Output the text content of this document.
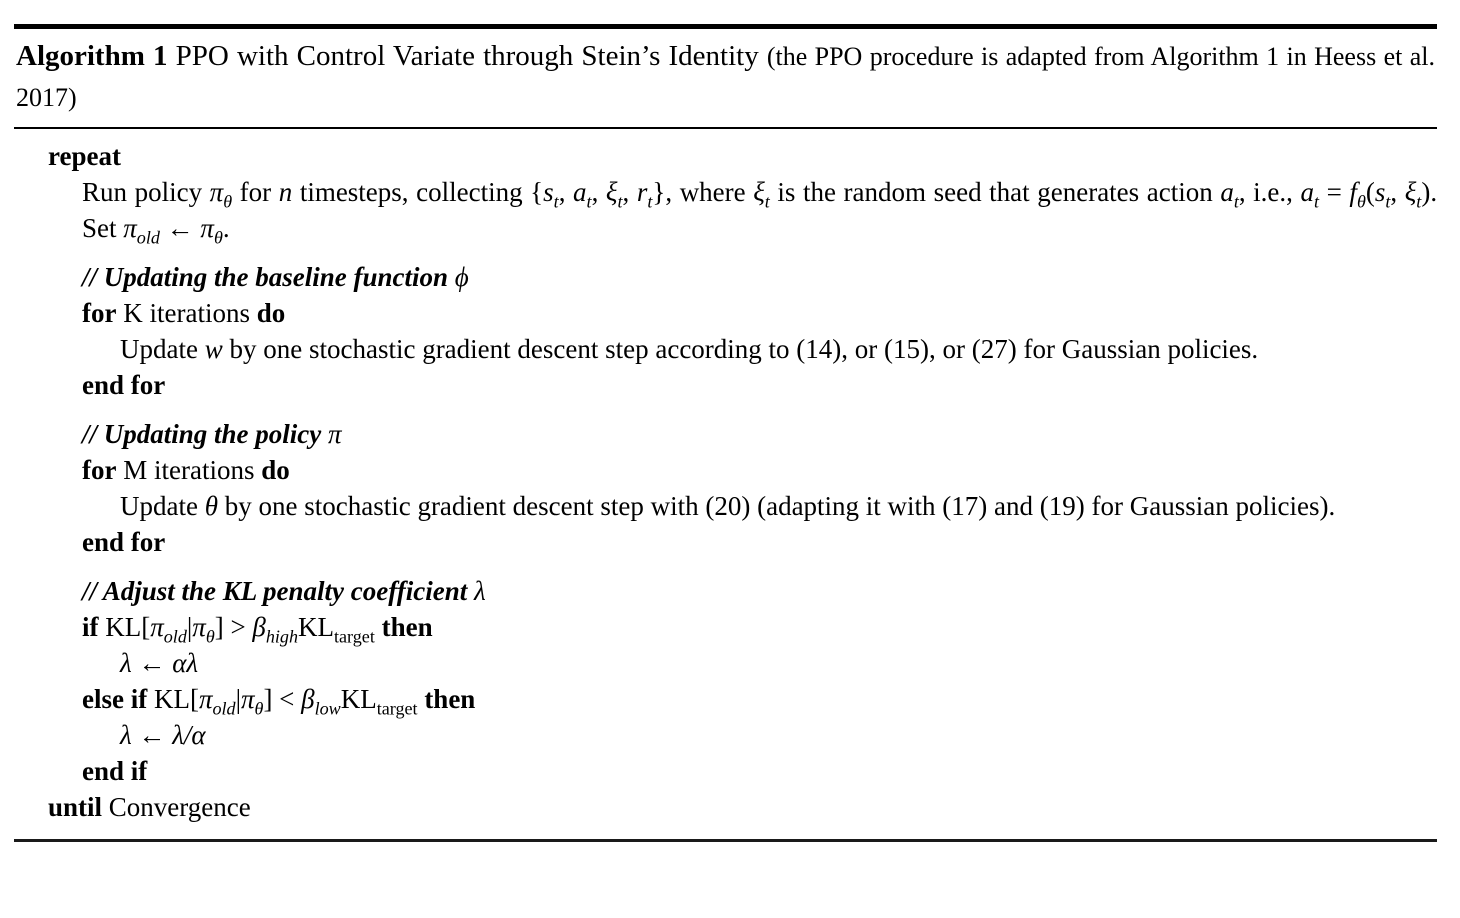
Algorithm 1 PPO with Control Variate through Stein’s Identity (the PPO procedure is adapted from Algorithm 1 in Heess et al. 2017)
repeat
Run policy $\pi_\theta$ for n timesteps, collecting {$s_t$, $a_t$, $\xi_t$, $r_t$}, where $\xi_t$ is the random seed that generates action $a_t$, i.e., $a_t = f_\theta(s_t$, $\xi_t$). Set $\pi_{old}$ ← $\pi_\theta$.
// Updating the baseline function ϕ
for K iterations do
Update w by one stochastic gradient descent step according to (14), or (15), or (27) for Gaussian policies.
end for
// Updating the policy π
for M iterations do
Update θ by one stochastic gradient descent step with (20) (adapting it with (17) and (19) for Gaussian policies).
end for
// Adjust the KL penalty coefficient λ
if $KL[\pi_{old}|\pi_\theta] > \beta_{high}KL_{target}$ then
λ ← αλ
else if $KL[\pi_{old}|\pi_\theta] < \beta_{low}KL_{target}$ then
λ ← λ/α
end if
until Convergence
